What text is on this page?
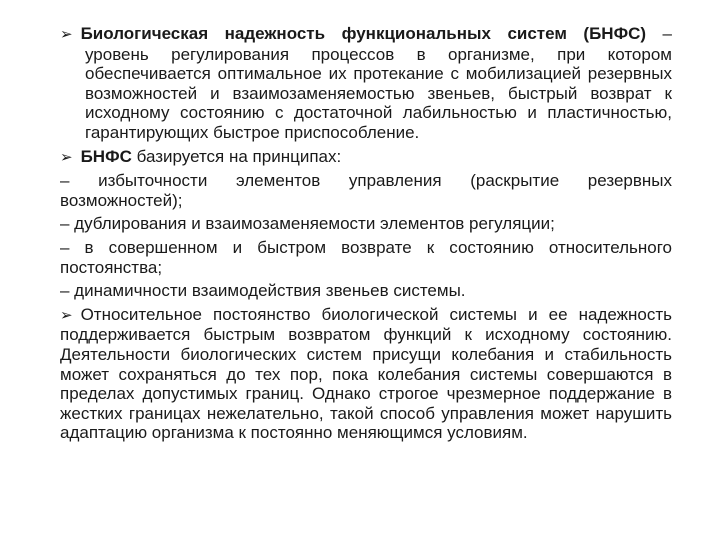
➢ Биологическая надежность функциональных систем (БНФС) – уровень регулирования процессов в организме, при котором обеспечивается оптимальное их протекание с мобилизацией резервных возможностей и взаимозаменяемостью звеньев, быстрый возврат к исходному состоянию с достаточной лабильностью и пластичностью, гарантирующих быстрое приспособление.

➢ БНФС базируется на принципах:

– избыточности элементов управления (раскрытие резервных возможностей);

– дублирования и взаимозаменяемости элементов регуляции;

– в совершенном и быстром возврате к состоянию относительного постоянства;

– динамичности взаимодействия звеньев системы.

➢ Относительное постоянство биологической системы и ее надежность поддерживается быстрым возвратом функций к исходному состоянию. Деятельности биологических систем присущи колебания и стабильность может сохраняться до тех пор, пока колебания системы совершаются в пределах допустимых границ. Однако строгое чрезмерное поддержание в жестких границах нежелательно, такой способ управления может нарушить адаптацию организма к постоянно меняющимся условиям.
